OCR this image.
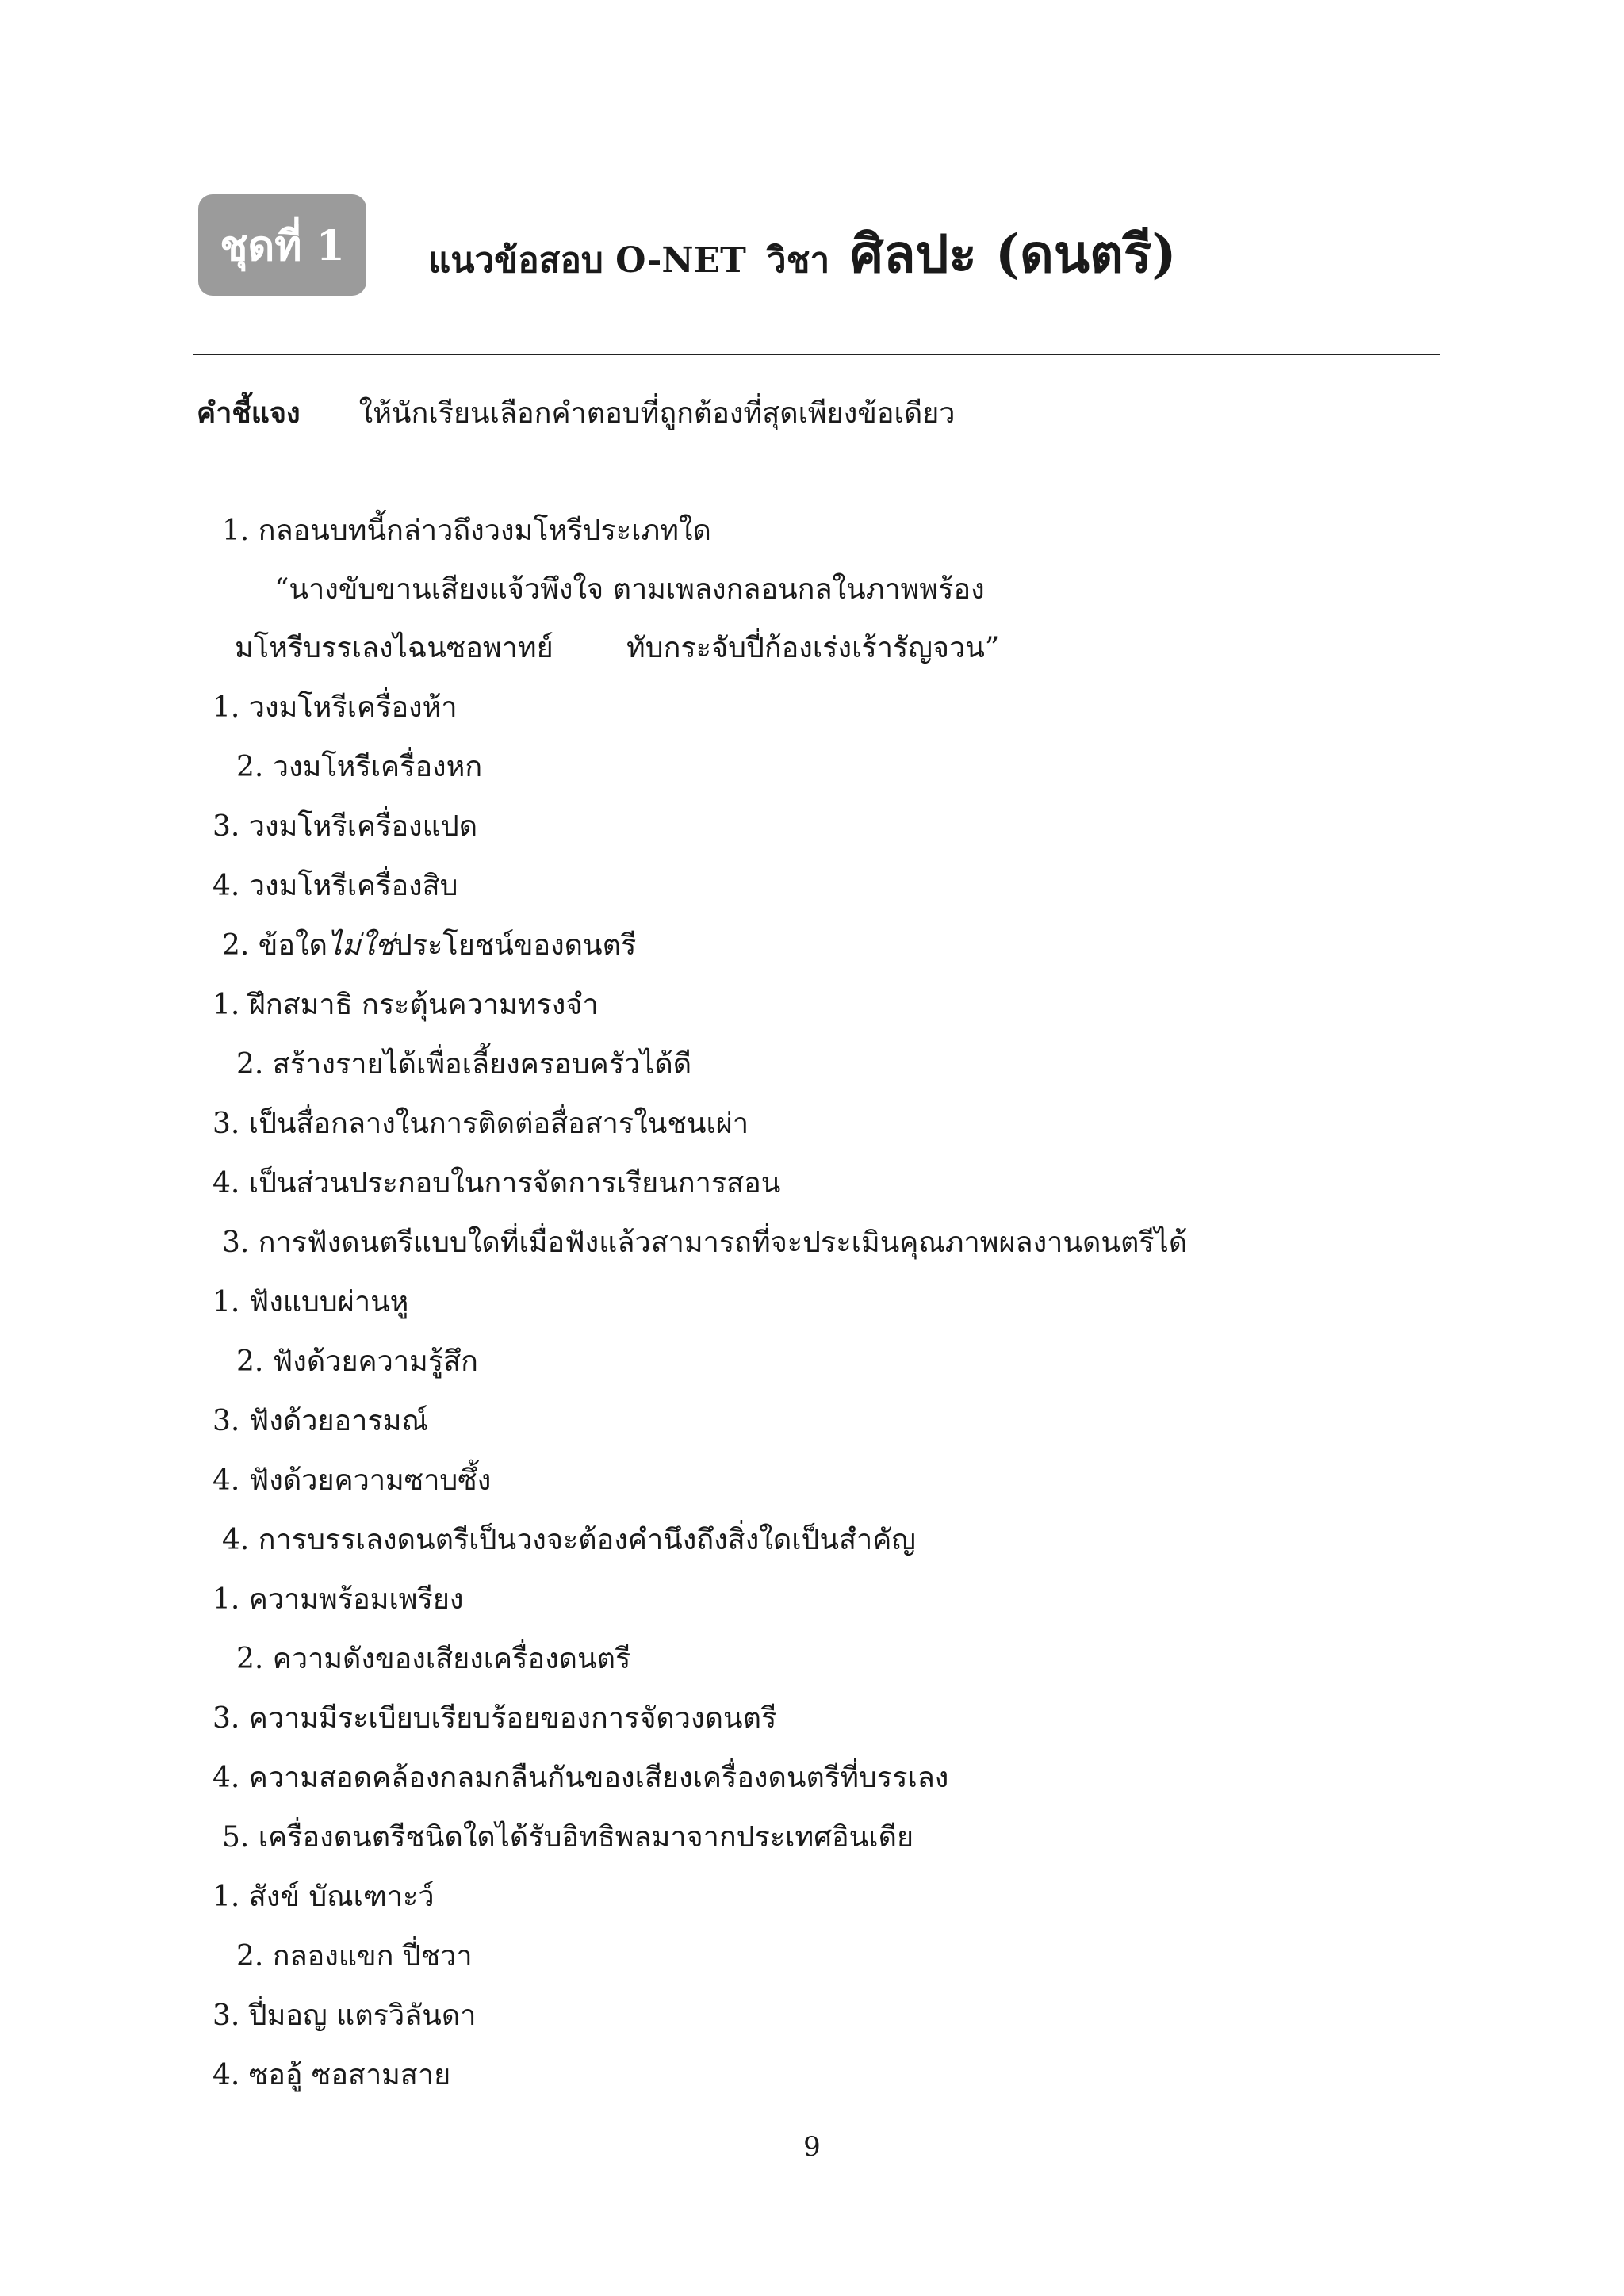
ชุดที่ 1 แนวข้อสอบ O-NET วิชา ศิลปะ (ดนตรี)
คำชี้แจง ให้นักเรียนเลือกคำตอบที่ถูกต้องที่สุดเพียงข้อเดียว
1. กลอนบทนี้กล่าวถึงวงมโหรีประเภทใด
“นางขับขานเสียงแจ้วพึงใจ ตามเพลงกลอนกลในภาพพร้อง
มโหรีบรรเลงไฉนซอพาทย์	ทับกระจับปี่ก้องเร่งเร้ารัญจวน”
1. วงมโหรีเครื่องห้า
2. วงมโหรีเครื่องหก
3. วงมโหรีเครื่องแปด
4. วงมโหรีเครื่องสิบ
2. ข้อใดไม่ใช่ประโยชน์ของดนตรี
1. ฝึกสมาธิ กระตุ้นความทรงจำ
2. สร้างรายได้เพื่อเลี้ยงครอบครัวได้ดี
3. เป็นสื่อกลางในการติดต่อสื่อสารในชนเผ่า
4. เป็นส่วนประกอบในการจัดการเรียนการสอน
3. การฟังดนตรีแบบใดที่เมื่อฟังแล้วสามารถที่จะประเมินคุณภาพผลงานดนตรีได้
1. ฟังแบบผ่านหู
2. ฟังด้วยความรู้สึก
3. ฟังด้วยอารมณ์
4. ฟังด้วยความซาบซึ้ง
4. การบรรเลงดนตรีเป็นวงจะต้องคำนึงถึงสิ่งใดเป็นสำคัญ
1. ความพร้อมเพรียง
2. ความดังของเสียงเครื่องดนตรี
3. ความมีระเบียบเรียบร้อยของการจัดวงดนตรี
4. ความสอดคล้องกลมกลืนกันของเสียงเครื่องดนตรีที่บรรเลง
5. เครื่องดนตรีชนิดใดได้รับอิทธิพลมาจากประเทศอินเดีย
1. สังข์ บัณเฑาะว์
2. กลองแขก ปี่ชวา
3. ปี่มอญ แตรวิลันดา
4. ซออู้ ซอสามสาย
9
